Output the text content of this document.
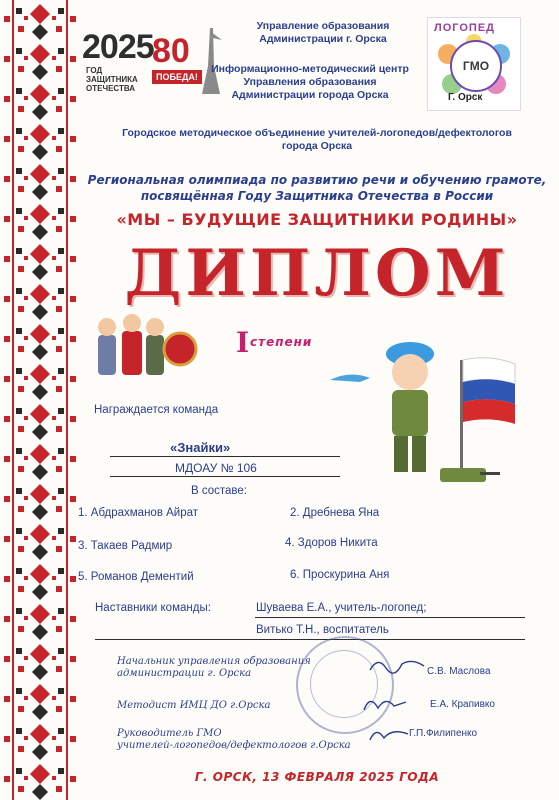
2025
ГОД ЗАЩИТНИКА ОТЕЧЕСТВА
80
ПОБЕДА!
Управление образования
Администрации г. Орска
Информационно-методический центр
Управления образования
Администрации города Орска
Городское методическое объединение учителей-логопедов/дефектологов
города Орска
ЛОГОПЕД
ГМО
Г. Орск
Региональная олимпиада по развитию речи и обучению грамоте,
посвящённая Году Защитника Отечества в России
«МЫ – БУДУЩИЕ ЗАЩИТНИКИ РОДИНЫ»
ДИПЛОМ
I степени
Награждается команда
«Знайки»
МДОАУ № 106
В составе:
1. Абдрахманов Айрат	2. Дребнева Яна
3. Такаев Радмир	4. Здоров Никита
5. Романов Дементий	6. Проскурина Аня
Наставники команды:	Шуваева Е.А., учитель-логопед;
Витько Т.Н., воспитатель
Начальник управления образования
администрации г. Орска	С.В. Маслова
Методист ИМЦ ДО г.Орска	Е.А. Крапивко
Руководитель ГМО
учителей-логопедов/дефектологов г.Орска
Г.П.Филипенко
Г. ОРСК, 13 ФЕВРАЛЯ 2025 ГОДА
